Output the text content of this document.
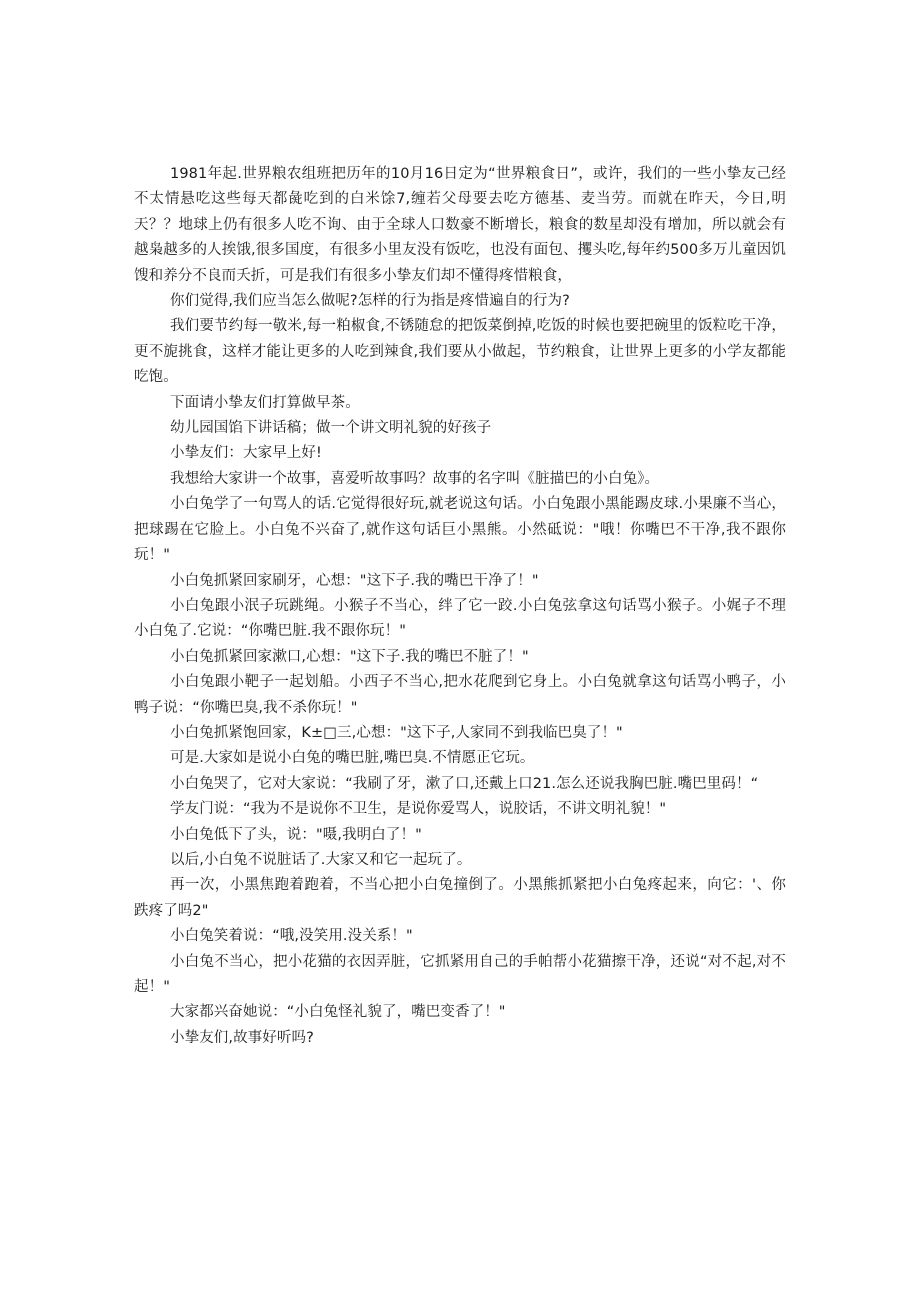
1981年起.世界粮农组班把历年的10月16日定为“世界粮食日”，或许，我们的一些小挚友己经不太情悬吃这些每天都彘吃到的白米馀7,缠若父母要去吃方德基、麦当劳。而就在昨天，今日,明天？？地球上仍有很多人吃不询、由于全球人口数豪不断增长，粮食的数星却没有增加，所以就会有越枭越多的人挨饿,很多国度，有很多小里友没有饭吃，也没有面包、攫头吃,每年约500多万儿童因饥馊和养分不良而夭折，可是我们有很多小挚友们却不懂得疼惜粮食，

你们觉得,我们应当怎么做呢?怎样的行为指是疼惜遍自的行为?

我们要节约每一敬米,每一粕椒食,不锈随怠的把饭菜倒掉,吃饭的时候也要把碗里的饭粒吃干净，更不旎挑食，这样才能让更多的人吃到辣食,我们要从小做起，节约粮食，让世界上更多的小学友都能吃饱。

下面请小挚友们打算做早茶。

幼儿园国馅下讲话稿；做一个讲文明礼貌的好孩子

小挚友们：大家早上好!

我想给大家讲一个故事，喜爱听故事吗？故事的名字叫《脏描巴的小白兔》。

小白兔学了一句骂人的话.它觉得很好玩,就老说这句话。小白兔跟小黑能踢皮球.小果廉不当心，把球踢在它脸上。小白兔不兴奋了,就作这句话巨小黑熊。小然砥说："哦！你嘴巴不干净,我不跟你玩！"

小白兔抓紧回家刷牙，心想："这下子.我的嘴巴干净了！"

小白兔跟小泯子玩跳绳。小猴子不当心，绊了它一跤.小白兔弦拿这句话骂小猴子。小娓子不理小白兔了.它说：“你嘴巴脏.我不跟你玩！"

小白兔抓紧回家漱口,心想："这下子.我的嘴巴不脏了！"

小白兔跟小靶子一起划船。小西子不当心,把水花爬到它身上。小白兔就拿这句话骂小鸭子，小鸭子说：“你嘴巴臭,我不杀你玩！"

小白兔抓紧饱回家，K±□三,心想："这下子,人家同不到我临巴臭了！"

可是.大家如是说小白兔的嘴巴脏,嘴巴臭.不情愿正它玩。

小白兔哭了，它对大家说：“我刷了牙，漱了口,还戴上口21.怎么还说我胸巴脏.嘴巴里码！“

学友门说：“我为不是说你不卫生，是说你爱骂人，说胶话，不讲文明礼貌！"

小白兔低下了头，说："嗫,我明白了！"

以后,小白兔不说脏话了.大家又和它一起玩了。

再一次，小黑焦跑着跑着，不当心把小白兔撞倒了。小黑熊抓紧把小白兔疼起来，向它：'、你跌疼了吗2"

小白兔笑着说：“哦,没笑用.没关系！"

小白兔不当心，把小花猫的衣因弄脏，它抓紧用自己的手帕帮小花猫擦干净，还说“对不起,对不起！"

大家都兴奋她说：“小白兔怪礼貌了，嘴巴变香了！"

小挚友们,故事好听吗?
